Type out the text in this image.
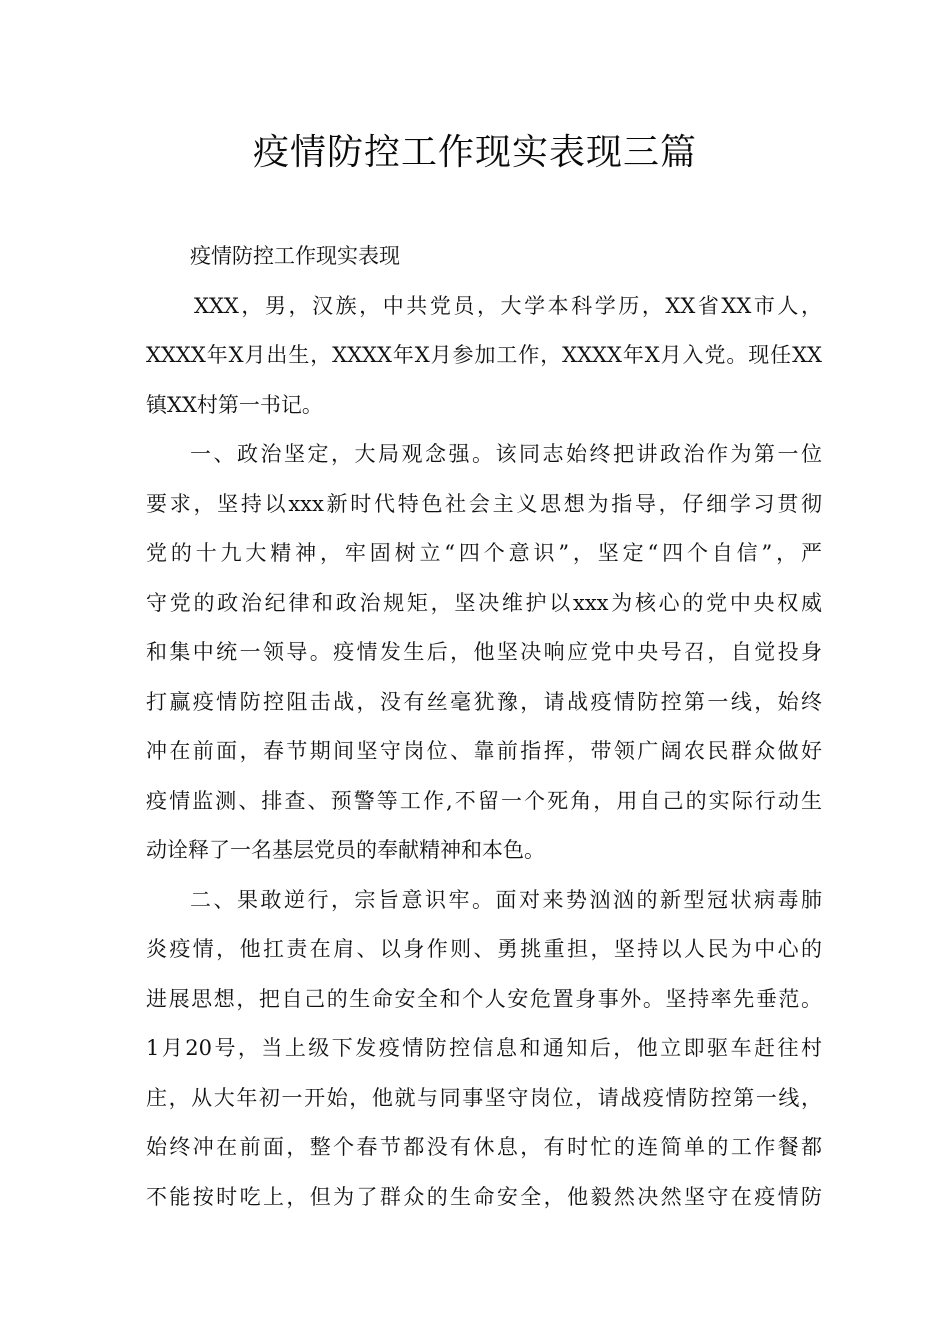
疫情防控工作现实表现三篇
疫情防控工作现实表现
XXX，男，汉族，中共党员，大学本科学历，XX省XX市人，
XXXX年X月出生，XXXX年X月参加工作，XXXX年X月入党。现任XX
镇XX村第一书记。
一、政治坚定，大局观念强。该同志始终把讲政治作为第一位
要求，坚持以xxx新时代特色社会主义思想为指导，仔细学习贯彻
党的十九大精神，牢固树立“四个意识”，坚定“四个自信”，严
守党的政治纪律和政治规矩，坚决维护以xxx为核心的党中央权威
和集中统一领导。疫情发生后，他坚决响应党中央号召，自觉投身
打赢疫情防控阻击战，没有丝毫犹豫，请战疫情防控第一线，始终
冲在前面，春节期间坚守岗位、靠前指挥，带领广阔农民群众做好
疫情监测、排查、预警等工作,不留一个死角，用自己的实际行动生
动诠释了一名基层党员的奉献精神和本色。
二、果敢逆行，宗旨意识牢。面对来势汹汹的新型冠状病毒肺
炎疫情，他扛责在肩、以身作则、勇挑重担，坚持以人民为中心的
进展思想，把自己的生命安全和个人安危置身事外。坚持率先垂范。
1月20号，当上级下发疫情防控信息和通知后，他立即驱车赶往村
庄，从大年初一开始，他就与同事坚守岗位，请战疫情防控第一线，
始终冲在前面，整个春节都没有休息，有时忙的连简单的工作餐都
不能按时吃上，但为了群众的生命安全，他毅然决然坚守在疫情防
